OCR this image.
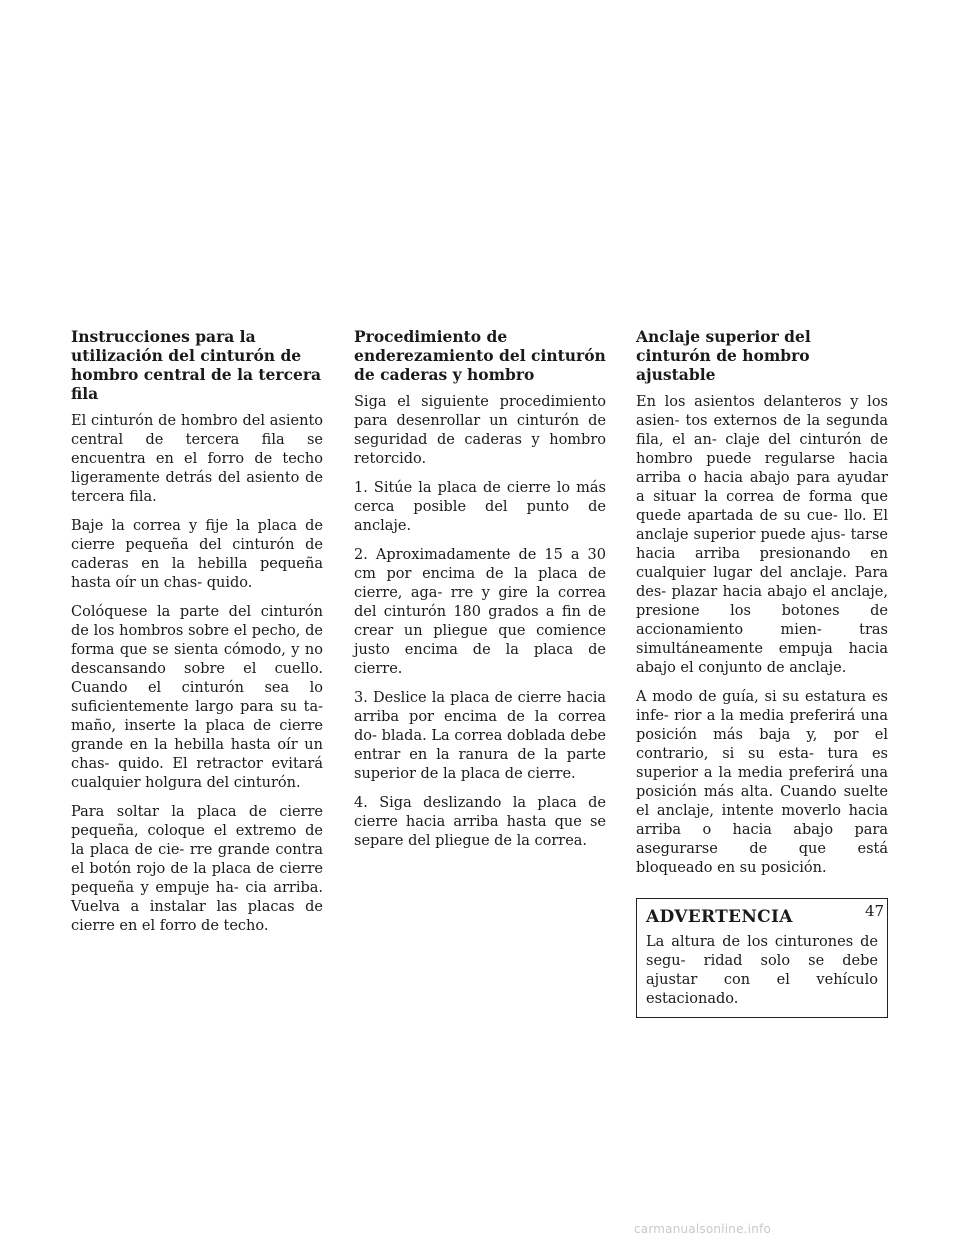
Instrucciones para la utilización del cinturón de hombro central de la tercera fila

El cinturón de hombro del asiento central de tercera fila se encuentra en el forro de techo ligeramente detrás del asiento de tercera fila.

Baje la correa y fije la placa de cierre pequeña del cinturón de caderas en la hebilla pequeña hasta oír un chas- quido.

Colóquese la parte del cinturón de los hombros sobre el pecho, de forma que se sienta cómodo, y no descansando sobre el cuello. Cuando el cinturón sea lo suficientemente largo para su ta- maño, inserte la placa de cierre grande en la hebilla hasta oír un chas- quido. El retractor evitará cualquier holgura del cinturón.

Para soltar la placa de cierre pequeña, coloque el extremo de la placa de cie- rre grande contra el botón rojo de la placa de cierre pequeña y empuje ha- cia arriba. Vuelva a instalar las placas de cierre en el forro de techo.

Procedimiento de enderezamiento del cinturón de caderas y hombro

Siga el siguiente procedimiento para desenrollar un cinturón de seguridad de caderas y hombro retorcido.

1. Sitúe la placa de cierre lo más cerca posible del punto de anclaje.

2. Aproximadamente de 15 a 30 cm por encima de la placa de cierre, aga- rre y gire la correa del cinturón 180 grados a fin de crear un pliegue que comience justo encima de la placa de cierre.

3. Deslice la placa de cierre hacia arriba por encima de la correa do- blada. La correa doblada debe entrar en la ranura de la parte superior de la placa de cierre.

4. Siga deslizando la placa de cierre hacia arriba hasta que se separe del pliegue de la correa.

Anclaje superior del cinturón de hombro ajustable

En los asientos delanteros y los asien- tos externos de la segunda fila, el an- claje del cinturón de hombro puede regularse hacia arriba o hacia abajo para ayudar a situar la correa de forma que quede apartada de su cue- llo. El anclaje superior puede ajus- tarse hacia arriba presionando en cualquier lugar del anclaje. Para des- plazar hacia abajo el anclaje, presione los botones de accionamiento mien- tras simultáneamente empuja hacia abajo el conjunto de anclaje.

A modo de guía, si su estatura es infe- rior a la media preferirá una posición más baja y, por el contrario, si su esta- tura es superior a la media preferirá una posición más alta. Cuando suelte el anclaje, intente moverlo hacia arriba o hacia abajo para asegurarse de que está bloqueado en su posición.

ADVERTENCIA

La altura de los cinturones de segu- ridad solo se debe ajustar con el vehículo estacionado.

47
carmanualsonline.info
